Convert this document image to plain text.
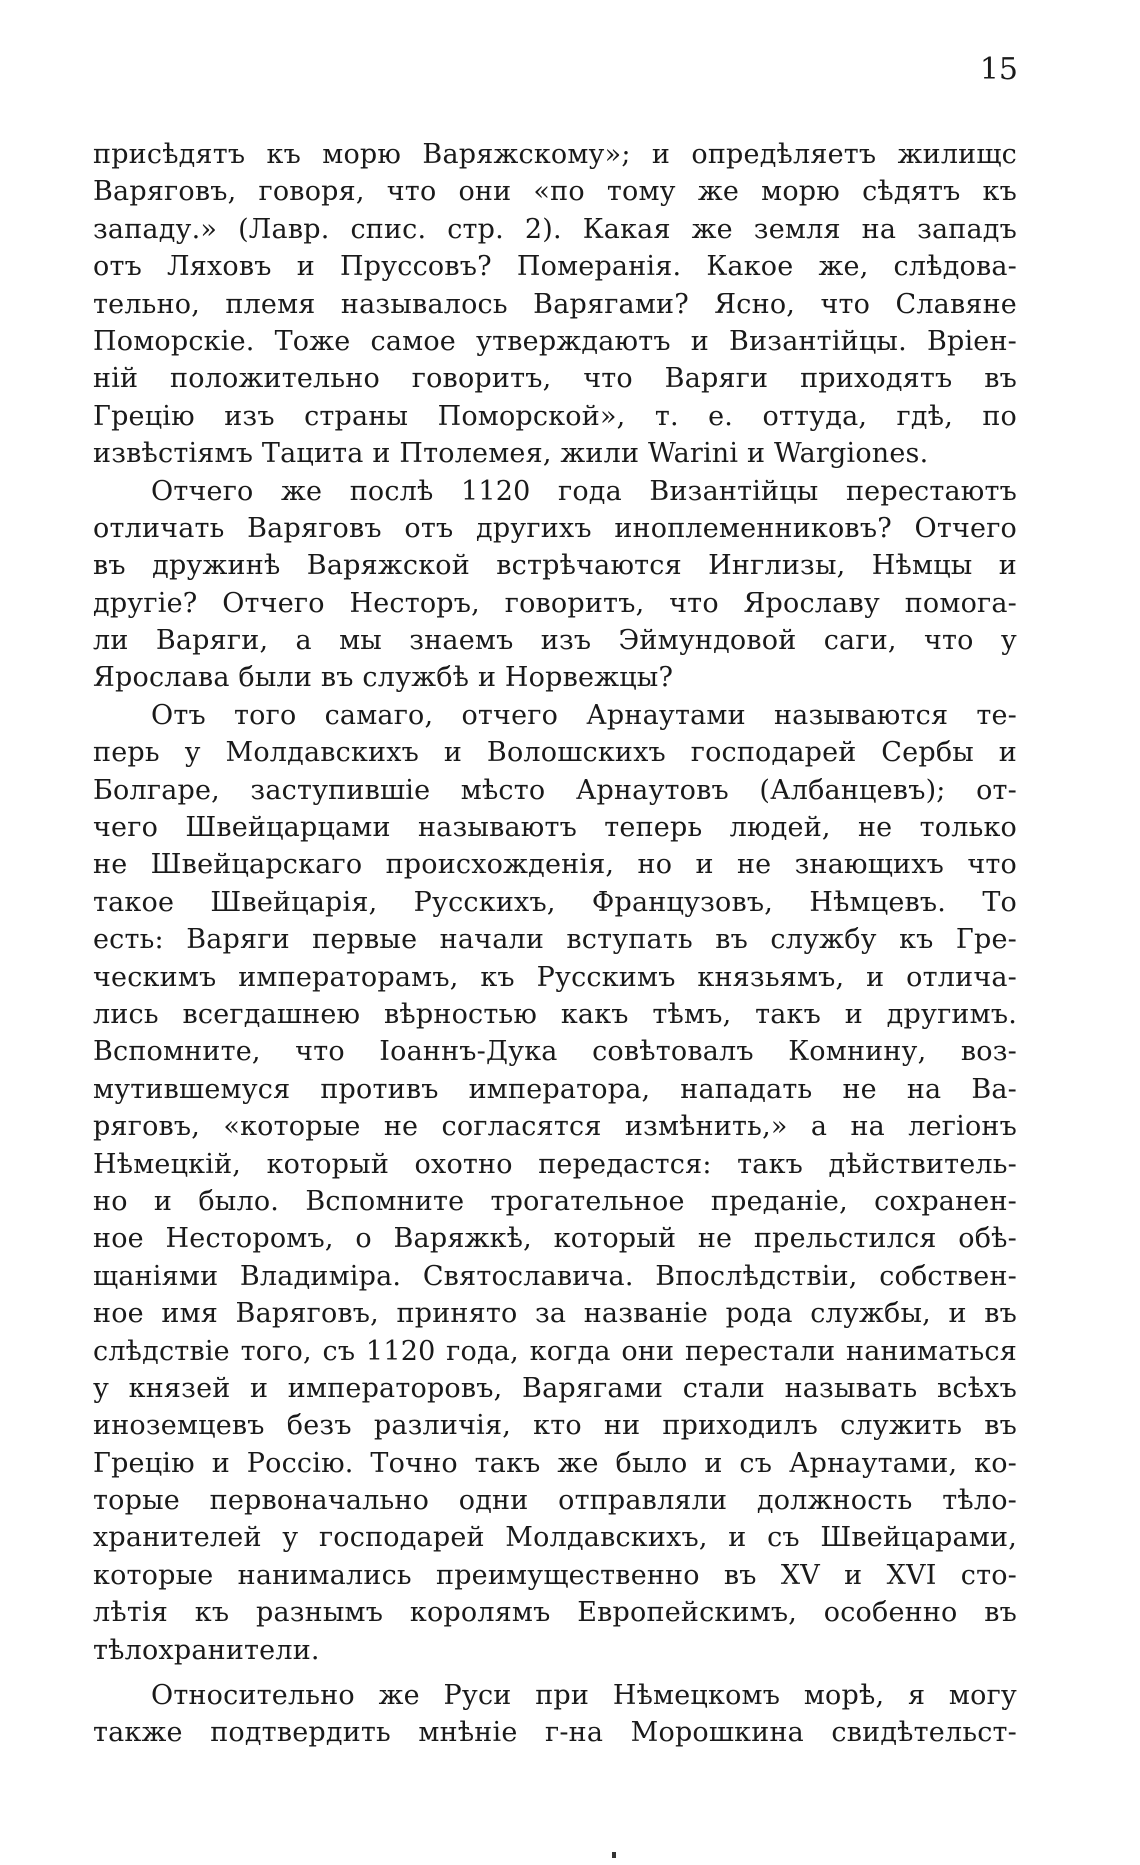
15
присѣдятъ къ морю Варяжскому»; и опредѣляетъ жилищс
Варяговъ, говоря, что они «по тому же морю сѣдятъ къ
западу.» (Лавр. спис. стр. 2). Какая же земля на западъ
отъ Ляховъ и Пруссовъ? Померанія. Какое же, слѣдова-
тельно, племя называлось Варягами? Ясно, что Славяне
Поморскіе. Тоже самое утверждаютъ и Византійцы. Вріен-
ній положительно говоритъ, что Варяги приходятъ въ
Грецію изъ страны Поморской», т. е. оттуда, гдѣ, по
извѣстіямъ Тацита и Птолемея, жили Warini и Wargiones.
Отчего же послѣ 1120 года Византійцы перестаютъ
отличать Варяговъ отъ другихъ иноплеменниковъ? Отчего
въ дружинѣ Варяжской встрѣчаются Инглизы, Нѣмцы и
другіе? Отчего Несторъ, говоритъ, что Ярославу помога-
ли Варяги, а мы знаемъ изъ Эймундовой саги, что у
Ярослава были въ службѣ и Норвежцы?
Отъ того самаго, отчего Арнаутами называются те-
перь у Молдавскихъ и Волошскихъ господарей Сербы и
Болгаре, заступившіе мѣсто Арнаутовъ (Албанцевъ); от-
чего Швейцарцами называютъ теперь людей, не только
не Швейцарскаго происхожденія, но и не знающихъ что
такое Швейцарія, Русскихъ, Французовъ, Нѣмцевъ. То
есть: Варяги первые начали вступать въ службу къ Гре-
ческимъ императорамъ, къ Русскимъ князьямъ, и отлича-
лись всегдашнею вѣрностью какъ тѣмъ, такъ и другимъ.
Вспомните, что Іоаннъ-Дука совѣтовалъ Комнину, воз-
мутившемуся противъ императора, нападать не на Ва-
ряговъ, «которые не согласятся измѣнить,» а на легіонъ
Нѣмецкій, который охотно передастся: такъ дѣйствитель-
но и было. Вспомните трогательное преданіе, сохранен-
ное Несторомъ, о Варяжкѣ, который не прельстился обѣ-
щаніями Владиміра. Святославича. Впослѣдствіи, собствен-
ное имя Варяговъ, принято за названіе рода службы, и въ
слѣдствіе того, съ 1120 года, когда они перестали наниматься
у князей и императоровъ, Варягами стали называть всѣхъ
иноземцевъ безъ различія, кто ни приходилъ служить въ
Грецію и Россію. Точно такъ же было и съ Арнаутами, ко-
торые первоначально одни отправляли должность тѣло-
хранителей у господарей Молдавскихъ, и съ Швейцарами,
которые нанимались преимущественно въ XV и XVI сто-
лѣтія къ разнымъ королямъ Европейскимъ, особенно въ
тѣлохранители.
Относительно же Руси при Нѣмецкомъ морѣ, я могу
также подтвердить мнѣніе г-на Морошкина свидѣтельст-
